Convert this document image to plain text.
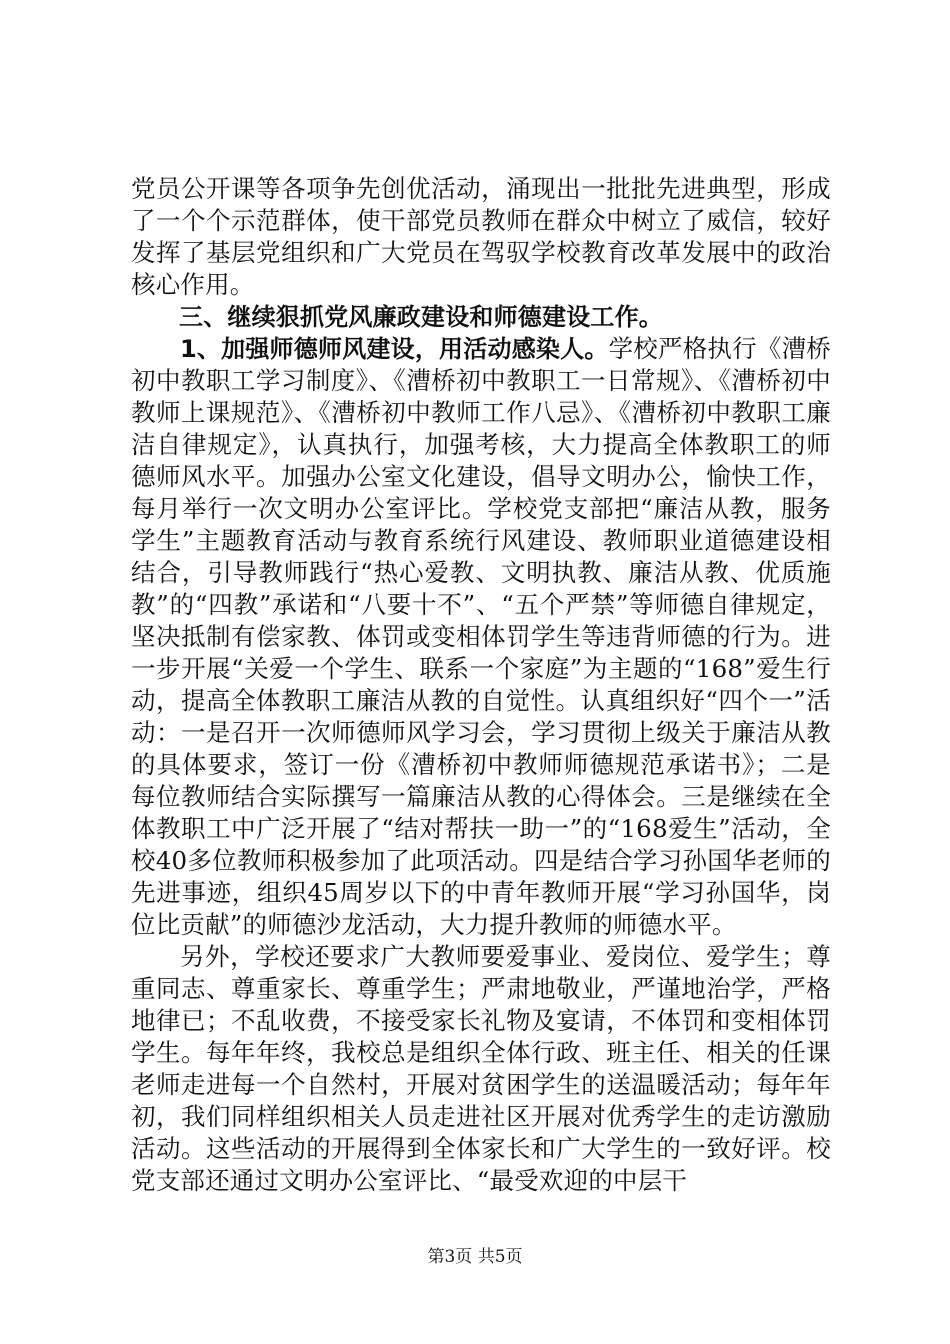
党员公开课等各项争先创优活动，涌现出一批批先进典型，形成了一个个示范群体，使干部党员教师在群众中树立了威信，较好发挥了基层党组织和广大党员在驾驭学校教育改革发展中的政治核心作用。

三、继续狠抓党风廉政建设和师德建设工作。

1、加强师德师风建设，用活动感染人。学校严格执行《漕桥初中教职工学习制度》、《漕桥初中教职工一日常规》、《漕桥初中教师上课规范》、《漕桥初中教师工作八忌》、《漕桥初中教职工廉洁自律规定》，认真执行，加强考核，大力提高全体教职工的师德师风水平。加强办公室文化建设，倡导文明办公，愉快工作，每月举行一次文明办公室评比。学校党支部把“廉洁从教，服务学生”主题教育活动与教育系统行风建设、教师职业道德建设相结合，引导教师践行“热心爱教、文明执教、廉洁从教、优质施教”的“四教”承诺和“八要十不”、“五个严禁”等师德自律规定，坚决抵制有偿家教、体罚或变相体罚学生等违背师德的行为。进一步开展“关爱一个学生、联系一个家庭”为主题的“168”爱生行动，提高全体教职工廉洁从教的自觉性。认真组织好“四个一”活动：一是召开一次师德师风学习会，学习贯彻上级关于廉洁从教的具体要求，签订一份《漕桥初中教师师德规范承诺书》；二是每位教师结合实际撰写一篇廉洁从教的心得体会。三是继续在全体教职工中广泛开展了“结对帮扶一助一”的“168爱生”活动，全校40多位教师积极参加了此项活动。四是结合学习孙国华老师的先进事迹，组织45周岁以下的中青年教师开展“学习孙国华，岗位比贡献”的师德沙龙活动，大力提升教师的师德水平。

另外，学校还要求广大教师要爱事业、爱岗位、爱学生；尊重同志、尊重家长、尊重学生；严肃地敬业，严谨地治学，严格地律已；不乱收费，不接受家长礼物及宴请，不体罚和变相体罚学生。每年年终，我校总是组织全体行政、班主任、相关的任课老师走进每一个自然村，开展对贫困学生的送温暖活动；每年年初，我们同样组织相关人员走进社区开展对优秀学生的走访激励活动。这些活动的开展得到全体家长和广大学生的一致好评。校党支部还通过文明办公室评比、“最受欢迎的中层干

第3页 共5页
